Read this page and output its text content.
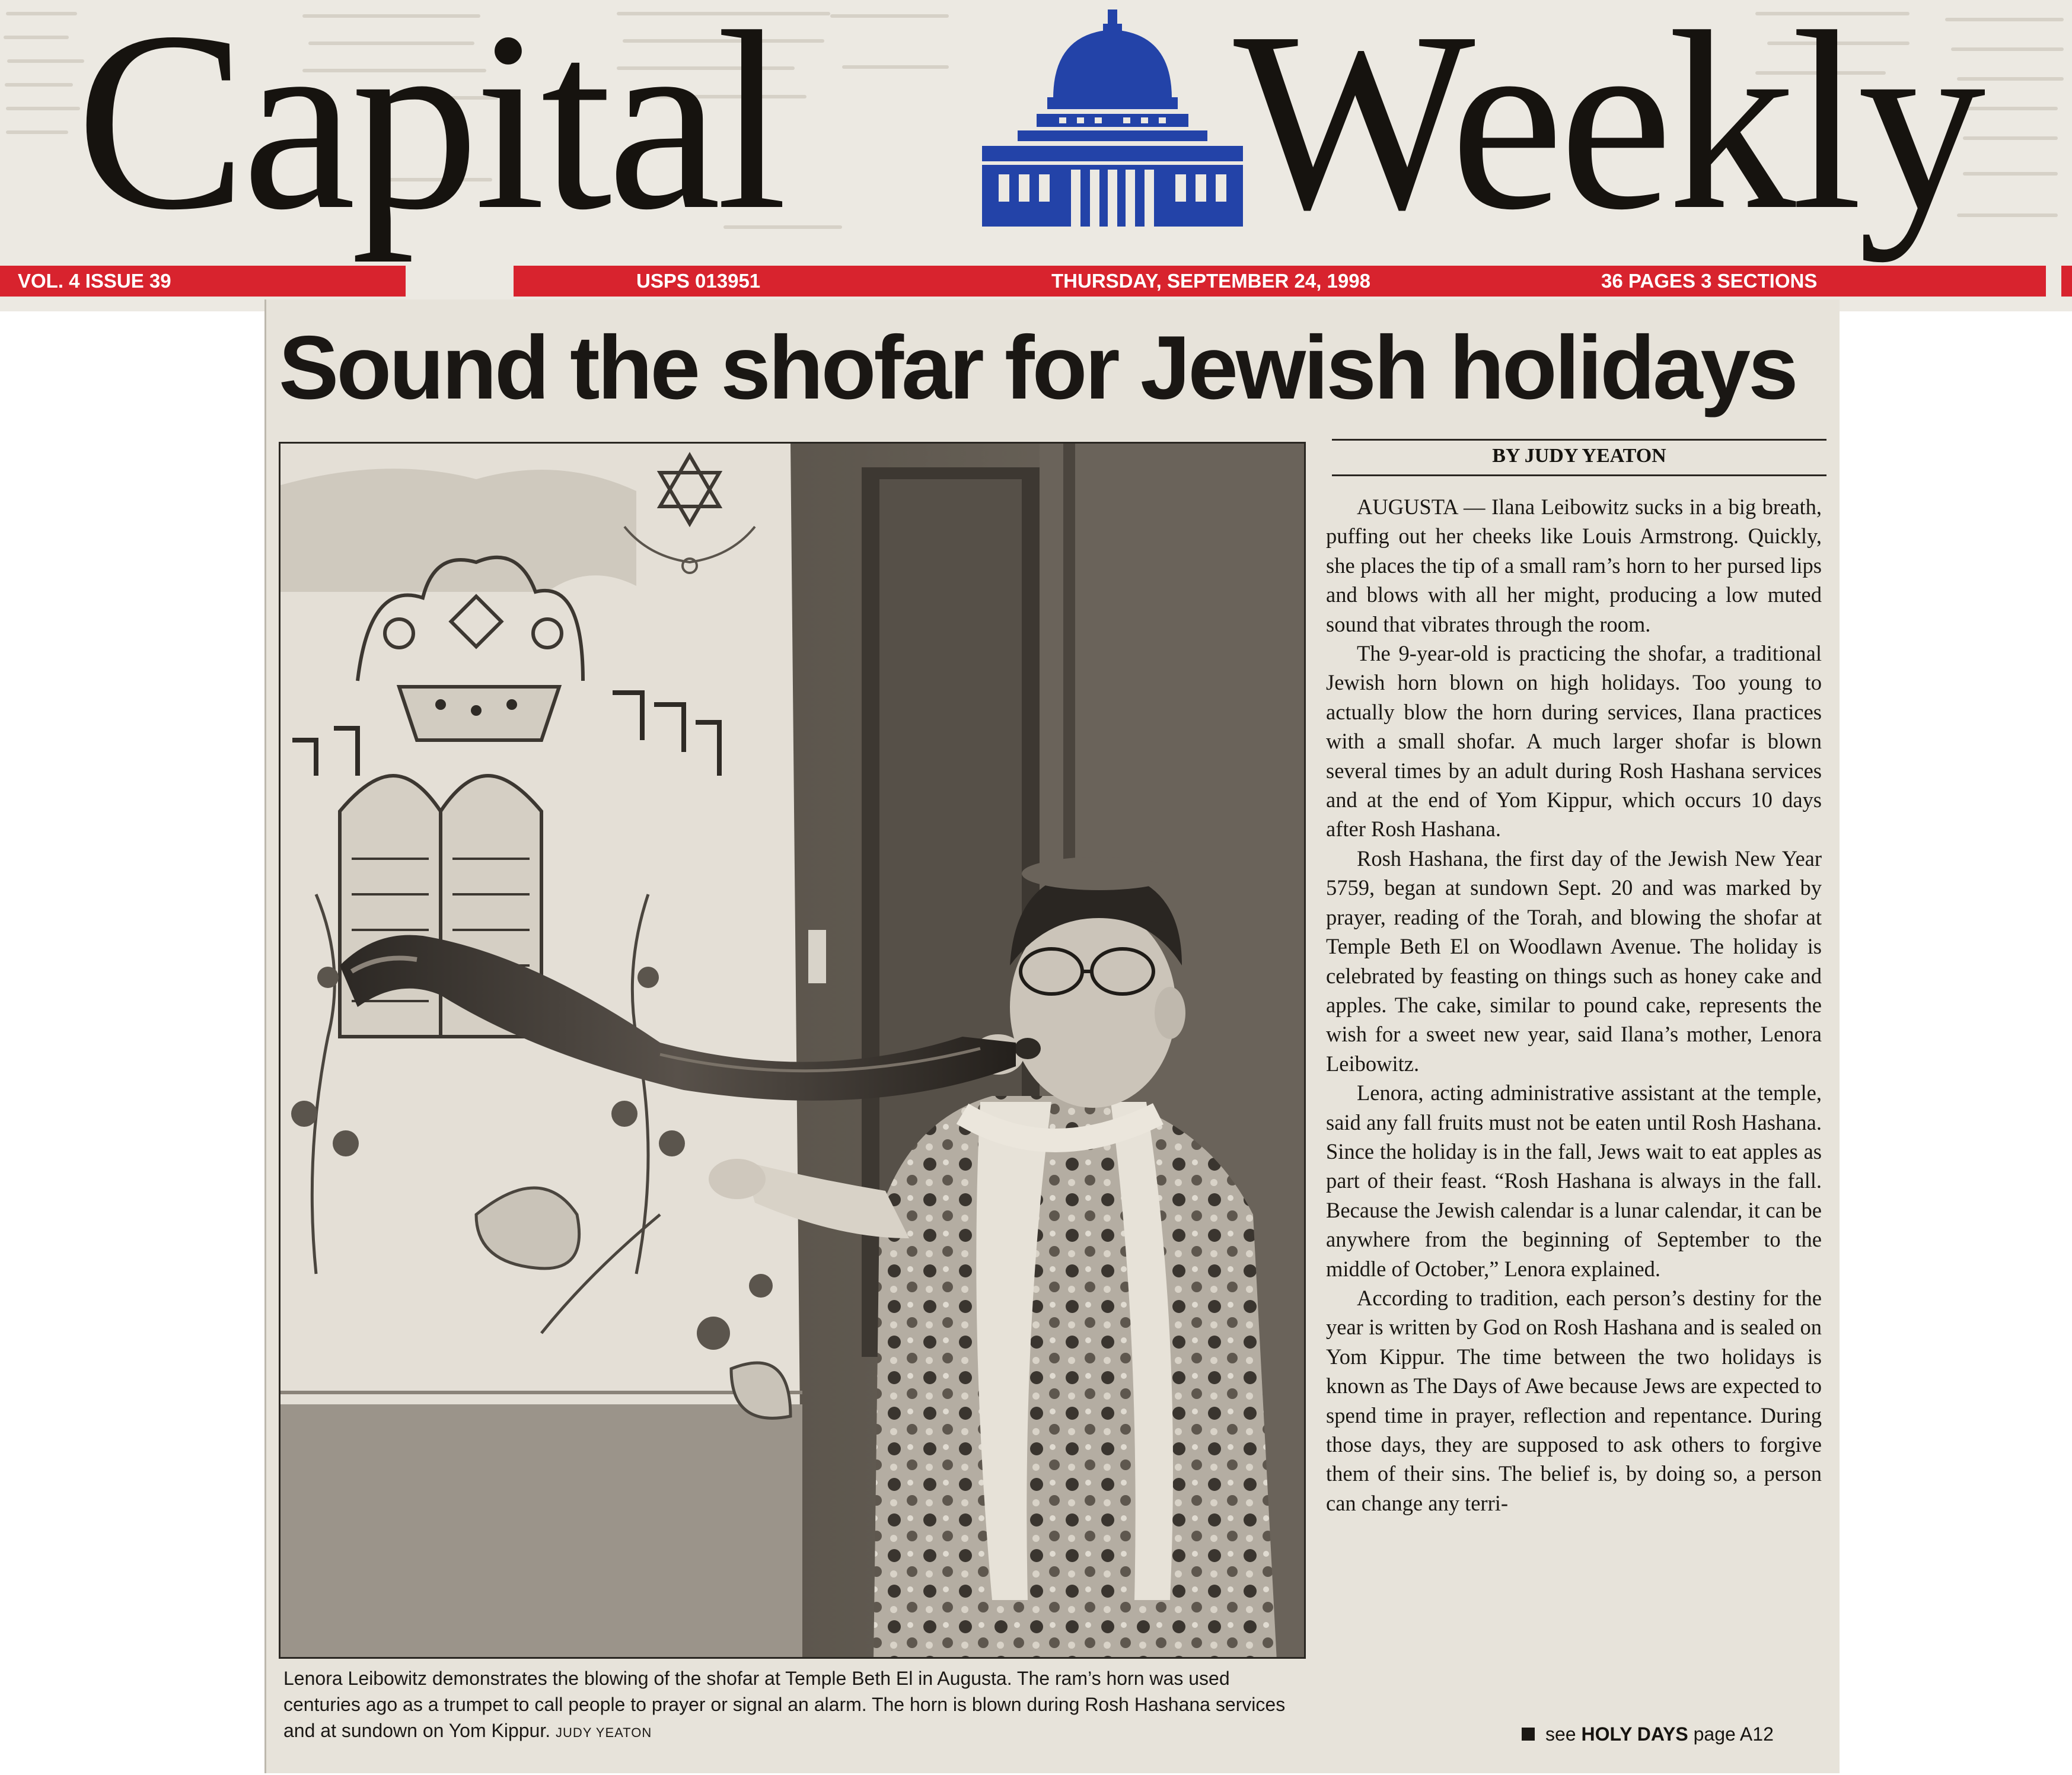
Capital Weekly
VOL. 4 ISSUE 39	USPS 013951	THURSDAY, SEPTEMBER 24, 1998	36 PAGES 3 SECTIONS
Sound the shofar for Jewish holidays
Lenora Leibowitz demonstrates the blowing of the shofar at Temple Beth El in Augusta. The ram’s horn was used centuries ago as a trumpet to call people to prayer or signal an alarm. The horn is blown during Rosh Hashana services and at sundown on Yom Kippur. JUDY YEATON
BY JUDY YEATON

AUGUSTA — Ilana Leibowitz sucks in a big breath, puffing out her cheeks like Louis Armstrong. Quickly, she places the tip of a small ram’s horn to her pursed lips and blows with all her might, producing a low muted sound that vibrates through the room.

The 9-year-old is practicing the shofar, a traditional Jewish horn blown on high holidays. Too young to actually blow the horn during services, Ilana practices with a small shofar. A much larger shofar is blown several times by an adult during Rosh Hashana services and at the end of Yom Kippur, which occurs 10 days after Rosh Hashana.

Rosh Hashana, the first day of the Jewish New Year 5759, began at sundown Sept. 20 and was marked by prayer, reading of the Torah, and blowing the shofar at Temple Beth El on Woodlawn Avenue. The holiday is celebrated by feasting on things such as honey cake and apples. The cake, similar to pound cake, represents the wish for a sweet new year, said Ilana’s mother, Lenora Leibowitz.

Lenora, acting administrative assistant at the temple, said any fall fruits must not be eaten until Rosh Hashana. Since the holiday is in the fall, Jews wait to eat apples as part of their feast. “Rosh Hashana is always in the fall. Because the Jewish calendar is a lunar calendar, it can be anywhere from the beginning of September to the middle of October,” Lenora explained.

According to tradition, each person’s destiny for the year is written by God on Rosh Hashana and is sealed on Yom Kippur. The time between the two holidays is known as The Days of Awe because Jews are expected to spend time in prayer, reflection and repentance. During those days, they are supposed to ask others to forgive them of their sins. The belief is, by doing so, a person can change any terri-

see HOLY DAYS page A12
